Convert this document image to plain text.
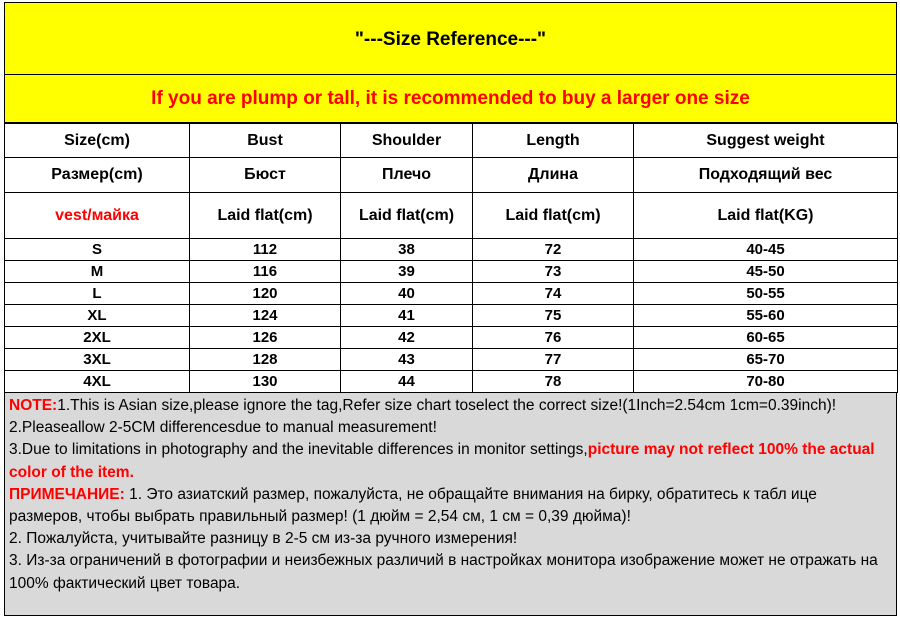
"---Size Reference---"
If you are plump or tall, it is recommended to buy a larger one size
Size(cm)	Bust	Shoulder	Length	Suggest weight
Размер(cm)	Бюст	Плечо	Длина	Подходящий вес
vest/майка	Laid flat(cm)	Laid flat(cm)	Laid flat(cm)	Laid flat(KG)
S	112	38	72	40-45
M	116	39	73	45-50
L	120	40	74	50-55
XL	124	41	75	55-60
2XL	126	42	76	60-65
3XL	128	43	77	65-70
4XL	130	44	78	70-80

NOTE:1.This is Asian size,please ignore the tag,Refer size chart toselect the correct size!(1Inch=2.54cm 1cm=0.39inch)!

2.Pleaseallow 2-5CM differencesdue to manual measurement!

3.Due to limitations in photography and the inevitable differences in monitor settings,picture may not reflect 100% the actual color of the item.

ПРИМЕЧАНИЕ: 1. Это азиатский размер, пожалуйста, не обращайте внимания на бирку, обратитесь к табл ице размеров, чтобы выбрать правильный размер! (1 дюйм = 2,54 см, 1 см = 0,39 дюйма)!

2. Пожалуйста, учитывайте разницу в 2-5 см из-за ручного измерения!

3. Из-за ограничений в фотографии и неизбежных различий в настройках монитора изображение может не отражать на 100% фактический цвет товара.
